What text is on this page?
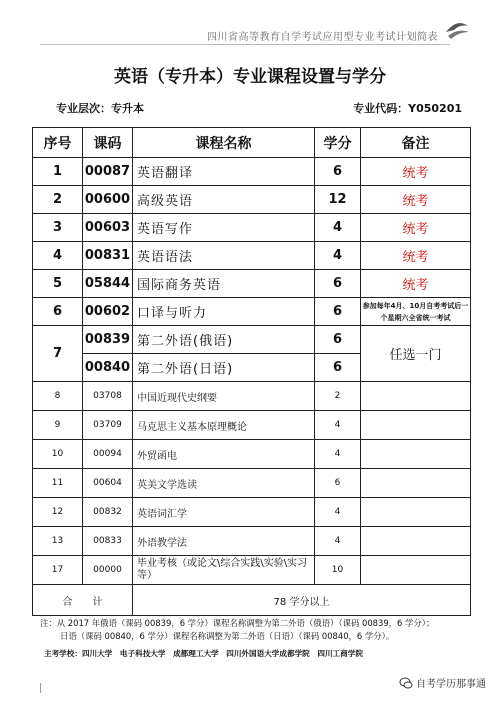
四川省高等教育自学考试应用型专业考试计划简表
英语（专升本）专业课程设置与学分
专业层次：专升本	专业代码：Y050201
序号	课码	课程名称	学分	备注
1	00087	英语翻译	6	统考
2	00600	高级英语	12	统考
3	00603	英语写作	4	统考
4	00831	英语语法	4	统考
5	05844	国际商务英语	6	统考
6	00602	口译与听力	6	参加每年4月、10月自考考试后一个星期六全省统一考试
7	00839	第二外语(俄语)	6	任选一门
	00840	第二外语(日语)	6	
8	03708	中国近现代史纲要	2	
9	03709	马克思主义基本原理概论	4	
10	00094	外贸函电	4	
11	00604	英美文学选读	6	
12	00832	英语词汇学	4	
13	00833	外语教学法	4	
17	00000	毕业考核（或论文\综合实践\实验\实习等）	10	
合　　计		78 学分以上		
注：从 2017 年俄语（课码 00839，6 学分）课程名称调整为第二外语（俄语）（课码 00839，6 学分）；
日语（课码 00840，6 学分）课程名称调整为第二外语（日语）（课码 00840，6 学分）。
主考学校：四川大学　电子科技大学　成都理工大学　四川外国语大学成都学院　四川工商学院
自考学历那事通
